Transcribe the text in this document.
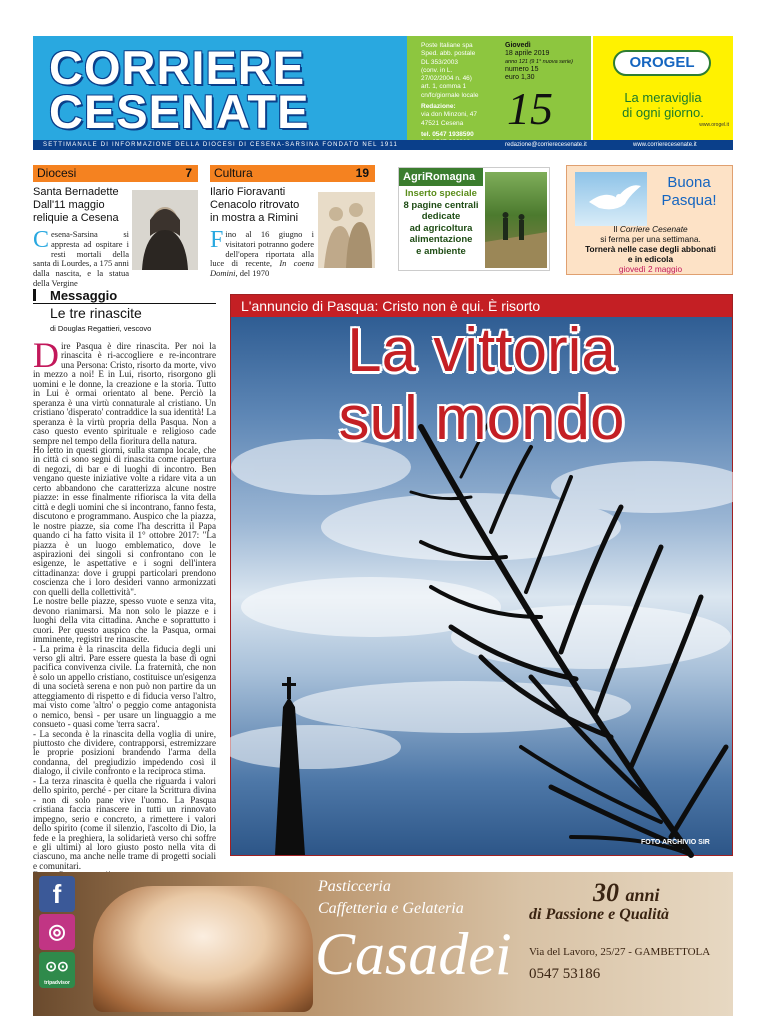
CORRIERE
CESENATE
Poste Italiane spa
Sped. abb. postale
DL 353/2003
(conv. in L.
27/02/2004 n. 46)
art. 1, comma 1
cn/fc/giornale locale
Redazione:
via don Minzoni, 47
47521 Cesena
tel. 0547 1938590
Giovedì
18 aprile 2019
anno 121 (9 1° nuova serie)
numero 15
euro 1,30
15
OROGEL
La meraviglia
di ogni giorno.
www.orogel.it
SETTIMANALE DI INFORMAZIONE DELLA DIOCESI DI CESENA-SARSINA FONDATO NEL 1911	redazione@corrierecesenate.it	www.corrierecesenate.it
Diocesi	7
Santa Bernadette
Dall'11 maggio
reliquie a Cesena
Cesena-Sarsina si appresta ad ospitare i resti mortali della santa di Lourdes, a 175 anni dalla nascita, e la statua della Vergine
Cultura	19
Ilario Fioravanti
Cenacolo ritrovato
in mostra a Rimini
Fino al 16 giugno i visitatori potranno godere dell'opera riportata alla luce di recente, In coena Domini, del 1970
AgriRomagna
Inserto speciale
8 pagine centrali
dedicate
ad agricoltura
alimentazione
e ambiente
Buona
Pasqua!
Il Corriere Cesenate
si ferma per una settimana.
Tornerà nelle case degli abbonati
e in edicola
giovedì 2 maggio
Messaggio
Le tre rinascite
di Douglas Regattieri, vescovo

Dire Pasqua è dire rinascita. Per noi la rinascita è ri-accogliere e re-incontrare una Persona: Cristo, risorto da morte, vivo in mezzo a noi! E in Lui, risorto, risorgono gli uomini e le donne, la creazione e la storia. Tutto in Lui è ormai orientato al bene. Perciò la speranza è una virtù connaturale al cristiano. Un cristiano 'disperato' contraddice la sua identità! La speranza è la virtù propria della Pasqua. Non a caso questo evento spirituale e religioso cade sempre nel tempo della fioritura della natura.

Ho letto in questi giorni, sulla stampa locale, che in città ci sono segni di rinascita come riapertura di negozi, di bar e di luoghi di incontro. Ben vengano queste iniziative volte a ridare vita a un certo abbandono che caratterizza alcune nostre piazze: in esse finalmente rifiorisca la vita della città e degli uomini che si incontrano, fanno festa, discutono e programmano. Auspico che la piazza, le nostre piazze, sia come l'ha descritta il Papa quando ci ha fatto visita il 1° ottobre 2017: "La piazza è un luogo emblematico, dove le aspirazioni dei singoli si confrontano con le esigenze, le aspettative e i sogni dell'intera cittadinanza: dove i gruppi particolari prendono coscienza che i loro desideri vanno armonizzati con quelli della collettività".

Le nostre belle piazze, spesso vuote e senza vita, devono rianimarsi. Ma non solo le piazze e i luoghi della vita cittadina. Anche e soprattutto i cuori. Per questo auspico che la Pasqua, ormai imminente, registri tre rinascite.

- La prima è la rinascita della fiducia degli uni verso gli altri. Pare essere questa la base di ogni pacifica convivenza civile. La fraternità, che non è solo un appello cristiano, costituisce un'esigenza di una società serena e non può non partire da un atteggiamento di rispetto e di fiducia verso l'altro, mai visto come 'altro' o peggio come antagonista o nemico, bensì - per usare un linguaggio a me consueto - quasi come 'terra sacra'.

- La seconda è la rinascita della voglia di unire, piuttosto che dividere, contrapporsi, estremizzare le proprie posizioni brandendo l'arma della condanna, del pregiudizio impedendo così il dialogo, il civile confronto e la reciproca stima.

- La terza rinascita è quella che riguarda i valori dello spirito, perché - per citare la Scrittura divina - non di solo pane vive l'uomo. La Pasqua cristiana faccia rinascere in tutti un rinnovato impegno, serio e concreto, a rimettere i valori dello spirito (come il silenzio, l'ascolto di Dio, la fede e la preghiera, la solidarietà verso chi soffre e gli ultimi) al loro giusto posto nella vita di ciascuno, ma anche nelle trame di progetti sociali e comunitari.

L'annuncio di Pasqua: Cristo non è qui. È risorto
La vittoria
sul mondo
FOTO ARCHIVIO SIR
f
◎
⊙⊙
tripadvisor
Pasticceria
Caffetteria e Gelateria
Casadei
30 anni
di Passione e Qualità
Via del Lavoro, 25/27 - GAMBETTOLA
0547 53186
